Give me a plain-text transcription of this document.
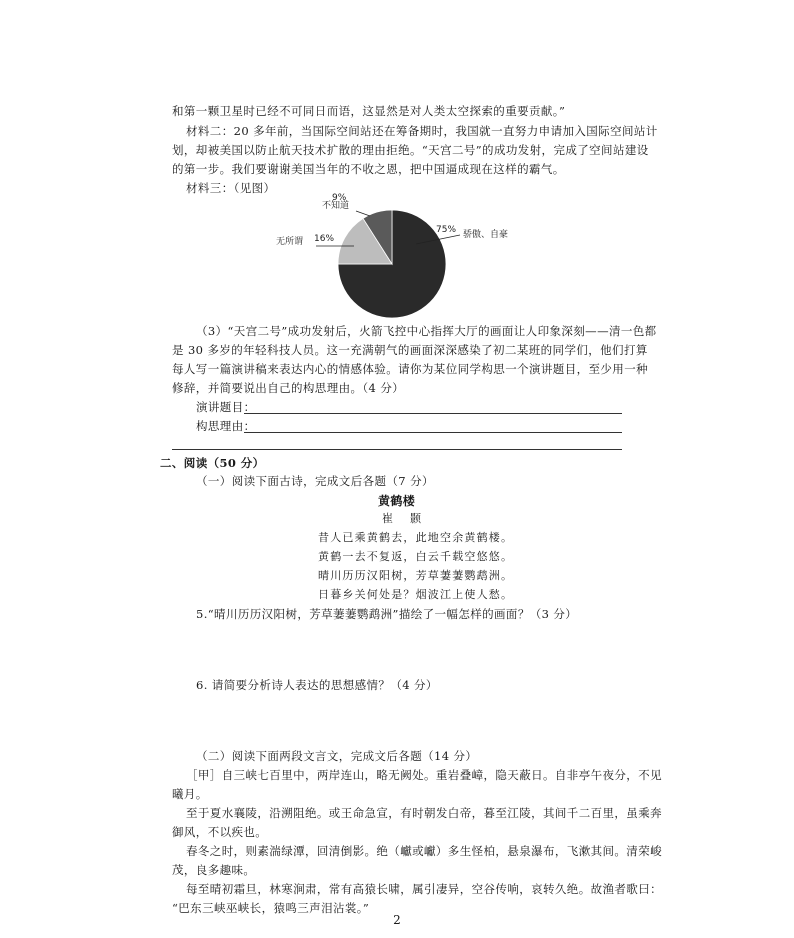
和第一颗卫星时已经不可同日而语，这显然是对人类太空探索的重要贡献。”
材料二：20 多年前，当国际空间站还在筹备期时，我国就一直努力申请加入国际空间站计
划，却被美国以防止航天技术扩散的理由拒绝。“天宫二号”的成功发射，完成了空间站建设
的第一步。我们要谢谢美国当年的不收之恩，把中国逼成现在这样的霸气。
材料三：（见图）
75% 骄傲、自豪
16%
无所谓
9%
不知道
（3）“天宫二号”成功发射后，火箭飞控中心指挥大厅的画面让人印象深刻——清一色都
是 30 多岁的年轻科技人员。这一充满朝气的画面深深感染了初二某班的同学们，他们打算
每人写一篇演讲稿来表达内心的情感体验。请你为某位同学构思一个演讲题目，至少用一种
修辞，并简要说出自己的构思理由。（4 分）
演讲题目：
构思理由：
二、阅读（50 分）
（一）阅读下面古诗，完成文后各题（7 分）
黄鹤楼
崔　颢
昔人已乘黄鹤去，此地空余黄鹤楼。
黄鹤一去不复返，白云千载空悠悠。
晴川历历汉阳树，芳草萋萋鹦鹉洲。
日暮乡关何处是？烟波江上使人愁。
5.“晴川历历汉阳树，芳草萋萋鹦鹉洲”描绘了一幅怎样的画面？（3 分）
6. 请简要分析诗人表达的思想感情？（4 分）
（二）阅读下面两段文言文，完成文后各题（14 分）
［甲］自三峡七百里中，两岸连山，略无阙处。重岩叠嶂，隐天蔽日。自非亭午夜分，不见
曦月。
至于夏水襄陵，沿溯阻绝。或王命急宣，有时朝发白帝，暮至江陵，其间千二百里，虽乘奔
御风，不以疾也。
春冬之时，则素湍绿潭，回清倒影。绝（巘或巘）多生怪柏，悬泉瀑布，飞漱其间。清荣峻
茂，良多趣味。
每至晴初霜旦，林寒涧肃，常有高猿长啸，属引凄异，空谷传响，哀转久绝。故渔者歌曰：
“巴东三峡巫峡长，猿鸣三声泪沾裳。”
2
